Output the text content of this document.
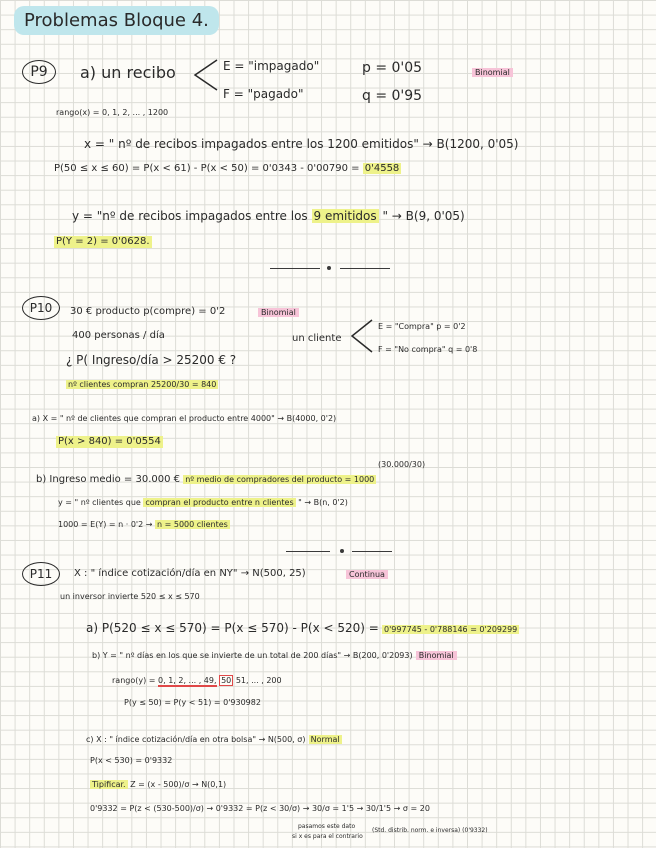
Problemas Bloque 4.
P9	a) un recibo	E = "impagado"	p = 0'05	Binomial
F = "pagado"	q = 0'95
rango(x) = 0, 1, 2, ... , 1200
x = " nº de recibos impagados entre los 1200 emitidos" → B(1200, 0'05)
P(50 ≤ x ≤ 60) = P(x < 61) - P(x < 50) = 0'0343 - 0'00790 = 0'4558
y = "nº de recibos impagados entre los 9 emitidos " → B(9, 0'05)
P(Y = 2) = 0'0628.
P10	30 € producto p(compre) = 0'2	Binomial
400 personas / día	un cliente
E = "Compra" p = 0'2
F = "No compra" q = 0'8
¿ P( Ingreso/día > 25200 € ?
nº clientes compran 25200/30 = 840
a) X = " nº de clientes que compran el producto entre 4000" → B(4000, 0'2)
P(x > 840) = 0'0554
(30.000/30)
b) Ingreso medio = 30.000 € nº medio de compradores del producto = 1000
y = " nº clientes que compran el producto entre n clientes " → B(n, 0'2)
1000 = E(Y) = n · 0'2 → n = 5000 clientes
P11	X : " índice cotización/día en NY" → N(500, 25)	Continua
un inversor invierte 520 ≤ x ≤ 570
a) P(520 ≤ x ≤ 570) = P(x ≤ 570) - P(x < 520) = 0'997745 - 0'788146 = 0'209299
b) Y = " nº días en los que se invierte de un total de 200 días" → B(200, 0'2093) Binomial
rango(y) = 0, 1, 2, ... , 49, 50 51, ... , 200
P(y ≤ 50) = P(y < 51) = 0'930982
c) X : " índice cotización/día en otra bolsa" → N(500, σ) Normal
P(x < 530) = 0'9332
Tipificar. Z = (x - 500)/σ → N(0,1)
0'9332 = P(z < (530-500)/σ) → 0'9332 = P(z < 30/σ) → 30/σ = 1'5 → 30/1'5 → σ = 20
pasamos este dato
si x es para el contrario
(Std. distrib. norm. e inversa) (0'9332)
